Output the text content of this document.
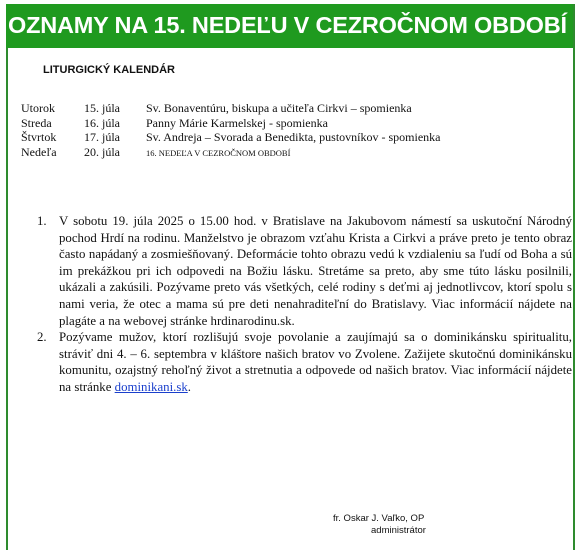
OZNAMY NA 15. NEDEĽU V CEZROČNOM OBDOBÍ
LITURGICKÝ KALENDÁR
Utorok 15. júla Sv. Bonaventúru, biskupa a učiteľa Cirkvi – spomienka
Streda	16. júla Panny Márie Karmelskej - spomienka
Štvrtok 17. júla Sv. Andreja – Svorada a Benedikta, pustovníkov - spomienka
Nedeľa 20. júla	16. NEDEĽA V CEZROČNOM OBDOBÍ
1. V sobotu 19. júla 2025 o 15.00 hod. v Bratislave na Jakubovom námestí sa uskutoční Národný pochod Hrdí na rodinu. Manželstvo je obrazom vzťahu Krista a Cirkvi a práve preto je tento obraz často napádaný a zosmiešňovaný. Deformácie tohto obrazu vedú k vzdialeniu sa ľudí od Boha a sú im prekážkou pri ich odpovedi na Božiu lásku. Stretáme sa preto, aby sme túto lásku posilnili, ukázali a zakúsili. Pozývame preto vás všetkých, celé rodiny s deťmi aj jednotlivcov, ktorí spolu s nami veria, že otec a mama sú pre deti nenahraditeľní do Bratislavy. Viac informácií nájdete na plagáte a na webovej stránke hrdinarodinu.sk.
2. Pozývame mužov, ktorí rozlišujú svoje povolanie a zaujímajú sa o dominikánsku spiritualitu, stráviť dni 4. – 6. septembra v kláštore našich bratov vo Zvolene. Zažijete skutočnú dominikánsku komunitu, ozajstný rehoľný život a stretnutia a odpovede od našich bratov. Viac informácií nájdete na stránke dominikani.sk.
fr. Oskar J. Vaľko, OP
administrátor
